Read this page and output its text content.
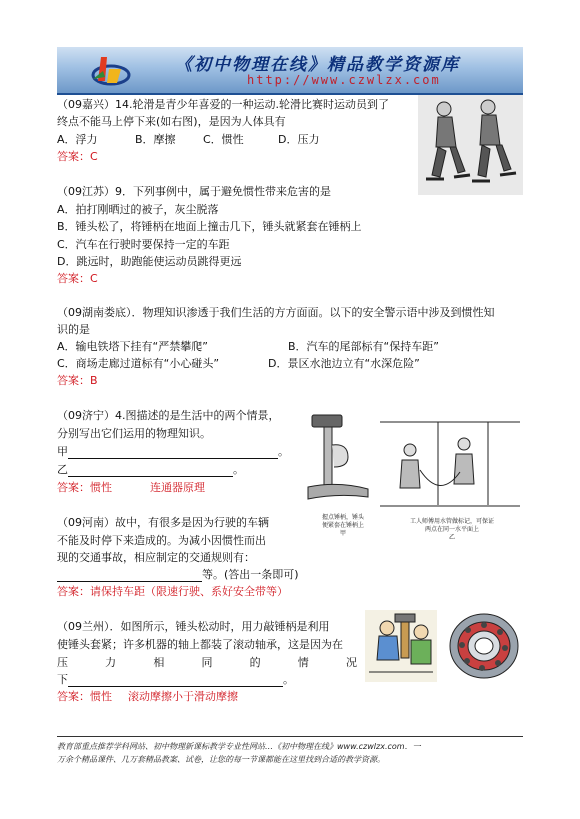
《初中物理在线》精品教学资源库
http://www.czwlzx.com
（09嘉兴）14.轮滑是青少年喜爱的一种运动.轮滑比赛时运动员到了
终点不能马上停下来(如右图)，是因为人体具有
A．浮力	B．摩擦 C．惯性	D．压力
答案：C
（09江苏）9．下列事例中，属于避免惯性带来危害的是
A．拍打刚晒过的被子，灰尘脱落
B．锤头松了，将锤柄在地面上撞击几下，锤头就紧套在锤柄上
C．汽车在行驶时要保持一定的车距
D．跳远时，助跑能使运动员跳得更远
答案：C
（09湖南娄底）．物理知识渗透于我们生活的方方面面。以下的安全警示语中涉及到惯性知
识的是
A．输电铁塔下挂有“严禁攀爬”	B．汽车的尾部标有“保持车距”
C．商场走廊过道标有“小心碰头”	D．景区水池边立有“水深危险”
答案：B
（09济宁）4.图描述的是生活中的两个情景，
分别写出它们运用的物理知识。
甲	。
乙	。
答案：惯性	连通器原理
握点锤柄，锤头
便紧套在锤柄上
甲
工人师傅用水管做标记，可保证
两点在同一水平面上
乙
（09河南）故中，有很多是因为行驶的车辆
不能及时停下来造成的。为减小因惯性而出
现的交通事故，相应制定的交通规则有：
等。(答出一条即可)
答案：请保持车距（限速行驶、系好安全带等）
（09兰州）．如图所示，锤头松动时，用力敲锤柄是利用
使锤头套紧；许多机器的轴上都装了滚动轴承，这是因为在
压	力	相	同	的	情	况
下	。
答案：惯性 滚动摩擦小于滑动摩擦
教育部重点推荐学科网站、初中物理新课标教学专业性网站…《初中物理在线》www.czwlzx.com．一
万余个精品课件、几万套精品教案、试卷，让您的每一节课都能在这里找到合适的教学资源。
